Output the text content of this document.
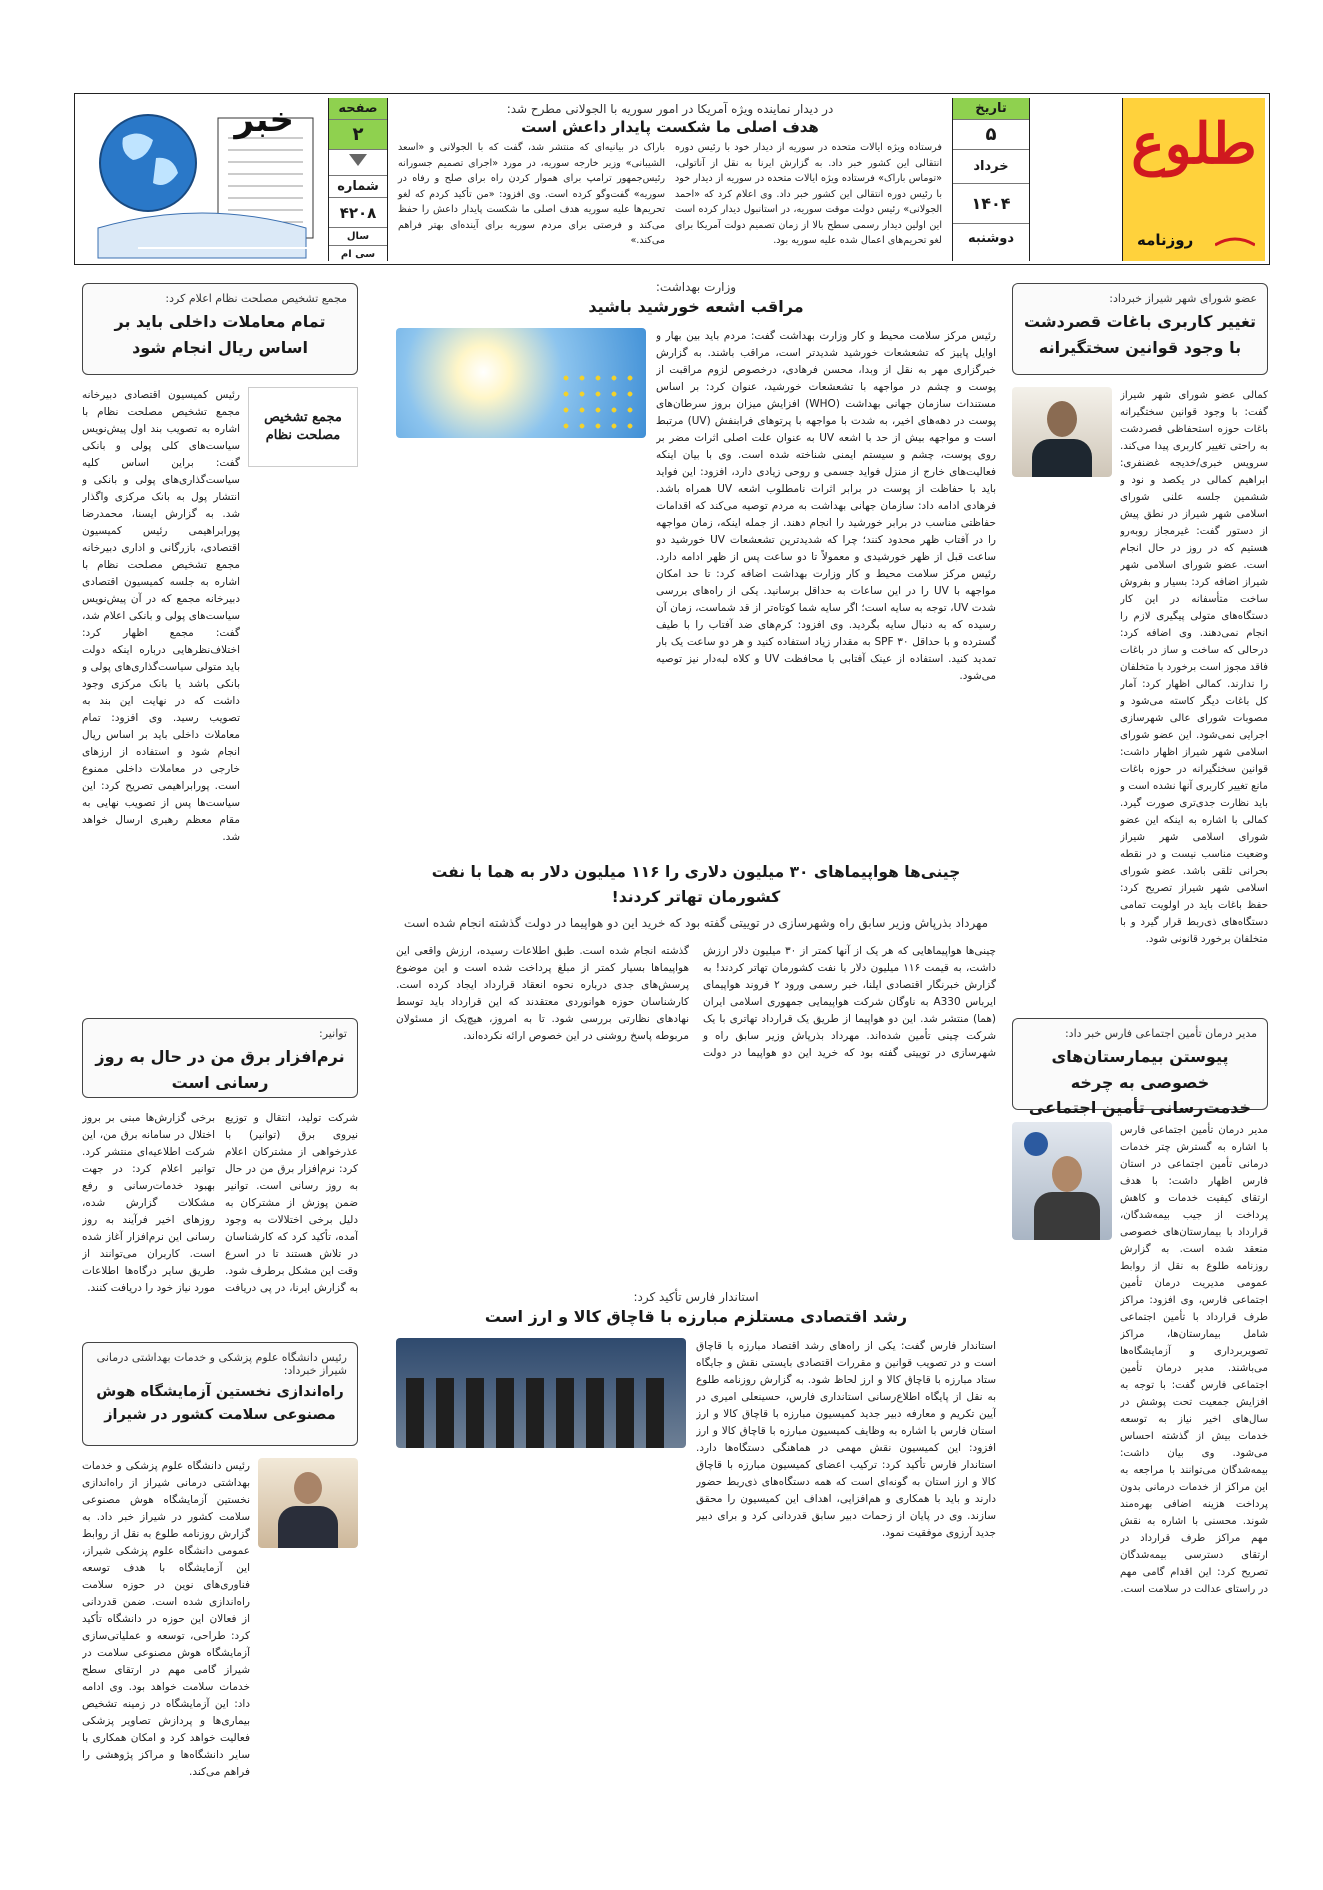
طلوع
روزنامه
تاریخ
۵
خرداد
۱۴۰۴
دوشنبه
در دیدار نماینده ویژه آمریکا در امور سوریه با الجولانی مطرح شد:
هدف اصلی ما شکست پایدار داعش است
فرستاده ویژه ایالات متحده در سوریه از دیدار خود با رئیس دوره انتقالی این کشور خبر داد. به گزارش ایرنا به نقل از آناتولی، «توماس باراک» فرستاده ویژه ایالات متحده در سوریه از دیدار خود با رئیس دوره انتقالی این کشور خبر داد. وی اعلام کرد که «احمد الجولانی» رئیس دولت موقت سوریه، در استانبول دیدار کرده است این اولین دیدار رسمی سطح بالا از زمان تصمیم دولت آمریکا برای لغو تحریم‌های اعمال شده علیه سوریه بود.
باراک در بیانیه‌ای که منتشر شد، گفت که با الجولانی و «اسعد الشیبانی» وزیر خارجه سوریه، در مورد «اجرای تصمیم جسورانه رئیس‌جمهور ترامپ برای هموار کردن راه برای صلح و رفاه در سوریه» گفت‌وگو کرده است. وی افزود: «من تأکید کردم که لغو تحریم‌ها علیه سوریه هدف اصلی ما شکست پایدار داعش را حفظ می‌کند و فرصتی برای مردم سوریه برای آینده‌ای بهتر فراهم می‌کند.»
صفحه
۲
شماره
۴۲۰۸
سال
سی ام
خبر
عضو شورای شهر شیراز خبرداد:
تغییر کاربری باغات قصردشت با وجود قوانین سختگیرانه
کمالی عضو شورای شهر شیراز گفت: با وجود قوانین سختگیرانه باغات حوزه استحفاظی قصردشت به راحتی تغییر کاربری پیدا می‌کند. سرویس خبری/خدیجه غضنفری: ابراهیم کمالی در یکصد و نود و ششمین جلسه علنی شورای اسلامی شهر شیراز در نطق پیش از دستور گفت: غیرمجاز روبه‌رو هستیم که در روز در حال انجام است. عضو شورای اسلامی شهر شیراز اضافه کرد: بسیار و بفروش ساخت متأسفانه در این کار دستگاه‌های متولی پیگیری لازم را انجام نمی‌دهند. وی اضافه کرد: درحالی که ساخت و ساز در باغات فاقد مجوز است برخورد با متخلفان را ندارند. کمالی اظهار کرد: آمار کل باغات دیگر کاسته می‌شود و مصوبات شورای عالی شهرسازی اجرایی نمی‌شود. این عضو شورای اسلامی شهر شیراز اظهار داشت: قوانین سختگیرانه در حوزه باغات مانع تغییر کاربری آنها نشده است و باید نظارت جدی‌تری صورت گیرد. کمالی با اشاره به اینکه این عضو شورای اسلامی شهر شیراز وضعیت مناسب نیست و در نقطه بحرانی تلقی باشد. عضو شورای اسلامی شهر شیراز تصریح کرد: حفظ باغات باید در اولویت تمامی دستگاه‌های ذی‌ربط قرار گیرد و با متخلفان برخورد قانونی شود.
مدیر درمان تأمین اجتماعی فارس خبر داد:
پیوستن بیمارستان‌های خصوصی به چرخه خدمت‌رسانی تأمین اجتماعی
مدیر درمان تأمین اجتماعی فارس با اشاره به گسترش چتر خدمات درمانی تأمین اجتماعی در استان فارس اظهار داشت: با هدف ارتقای کیفیت خدمات و کاهش پرداخت از جیب بیمه‌شدگان، قرارداد با بیمارستان‌های خصوصی منعقد شده است. به گزارش روزنامه طلوع به نقل از روابط عمومی مدیریت درمان تأمین اجتماعی فارس، وی افزود: مراکز طرف قرارداد با تأمین اجتماعی شامل بیمارستان‌ها، مراکز تصویربرداری و آزمایشگاه‌ها می‌باشند. مدیر درمان تأمین اجتماعی فارس گفت: با توجه به افزایش جمعیت تحت پوشش در سال‌های اخیر نیاز به توسعه خدمات بیش از گذشته احساس می‌شود. وی بیان داشت: بیمه‌شدگان می‌توانند با مراجعه به این مراکز از خدمات درمانی بدون پرداخت هزینه اضافی بهره‌مند شوند. محسنی با اشاره به نقش مهم مراکز طرف قرارداد در ارتقای دسترسی بیمه‌شدگان تصریح کرد: این اقدام گامی مهم در راستای عدالت در سلامت است.
وزارت بهداشت:
مراقب اشعه خورشید باشید
رئیس مرکز سلامت محیط و کار وزارت بهداشت گفت: مردم باید بین بهار و اوایل پاییز که تشعشعات خورشید شدیدتر است، مراقب باشند. به گزارش خبرگزاری مهر به نقل از وبدا، محسن فرهادی، درخصوص لزوم مراقبت از پوست و چشم در مواجهه با تشعشعات خورشید، عنوان کرد: بر اساس مستندات سازمان جهانی بهداشت (WHO) افزایش میزان بروز سرطان‌های پوست در دهه‌های اخیر، به شدت با مواجهه با پرتوهای فرابنفش (UV) مرتبط است و مواجهه بیش از حد با اشعه UV به عنوان علت اصلی اثرات مضر بر روی پوست، چشم و سیستم ایمنی شناخته شده است. وی با بیان اینکه فعالیت‌های خارج از منزل فواید جسمی و روحی زیادی دارد، افزود: این فواید باید با حفاظت از پوست در برابر اثرات نامطلوب اشعه UV همراه باشد. فرهادی ادامه داد: سازمان جهانی بهداشت به مردم توصیه می‌کند که اقدامات حفاظتی مناسب در برابر خورشید را انجام دهند. از جمله اینکه، زمان مواجهه را در آفتاب ظهر محدود کنند؛ چرا که شدیدترین تشعشعات UV خورشید دو ساعت قبل از ظهر خورشیدی و معمولاً تا دو ساعت پس از ظهر ادامه دارد. رئیس مرکز سلامت محیط و کار وزارت بهداشت اضافه کرد: تا حد امکان مواجهه با UV را در این ساعات به حداقل برسانید. یکی از راه‌های بررسی شدت UV، توجه به سایه است؛ اگر سایه شما کوتاه‌تر از قد شماست، زمان آن رسیده که به دنبال سایه بگردید. وی افزود: کرم‌های ضد آفتاب را با طیف گسترده و با حداقل SPF ۳۰ به مقدار زیاد استفاده کنید و هر دو ساعت یک بار تمدید کنید. استفاده از عینک آفتابی با محافظت UV و کلاه لبه‌دار نیز توصیه می‌شود.
چینی‌ها هواپیماهای ۳۰ میلیون دلاری را ۱۱۶ میلیون دلار به هما با نفت کشورمان تهاتر کردند!
مهرداد بذرپاش وزیر سابق راه وشهرسازی در توییتی گفته بود که خرید این دو هواپیما در دولت گذشته انجام شده است
چینی‌ها هواپیماهایی که هر یک از آنها کمتر از ۳۰ میلیون دلار ارزش داشت، به قیمت ۱۱۶ میلیون دلار با نفت کشورمان تهاتر کردند! به گزارش خبرنگار اقتصادی ایلنا، خبر رسمی ورود ۲ فروند هواپیمای ایرباس A330 به ناوگان شرکت هواپیمایی جمهوری اسلامی ایران (هما) منتشر شد. این دو هواپیما از طریق یک قرارداد تهاتری با یک شرکت چینی تأمین شده‌اند. مهرداد بذرپاش وزیر سابق راه و شهرسازی در توییتی گفته بود که خرید این دو هواپیما در دولت گذشته انجام شده است. طبق اطلاعات رسیده، ارزش واقعی این هواپیماها بسیار کمتر از مبلغ پرداخت شده است و این موضوع پرسش‌های جدی درباره نحوه انعقاد قرارداد ایجاد کرده است. کارشناسان حوزه هوانوردی معتقدند که این قرارداد باید توسط نهادهای نظارتی بررسی شود. تا به امروز، هیچ‌یک از مسئولان مربوطه پاسخ روشنی در این خصوص ارائه نکرده‌اند.
استاندار فارس تأکید کرد:
رشد اقتصادی مستلزم مبارزه با قاچاق کالا و ارز است
استاندار فارس گفت: یکی از راه‌های رشد اقتصاد مبارزه با قاچاق است و در تصویب قوانین و مقررات اقتصادی بایستی نقش و جایگاه ستاد مبارزه با قاچاق کالا و ارز لحاظ شود. به گزارش روزنامه طلوع به نقل از پایگاه اطلاع‌رسانی استانداری فارس، حسینعلی امیری در آیین تکریم و معارفه دبیر جدید کمیسیون مبارزه با قاچاق کالا و ارز استان فارس با اشاره به وظایف کمیسیون مبارزه با قاچاق کالا و ارز افزود: این کمیسیون نقش مهمی در هماهنگی دستگاه‌ها دارد. استاندار فارس تأکید کرد: ترکیب اعضای کمیسیون مبارزه با قاچاق کالا و ارز استان به گونه‌ای است که همه دستگاه‌های ذی‌ربط حضور دارند و باید با همکاری و هم‌افزایی، اهداف این کمیسیون را محقق سازند. وی در پایان از زحمات دبیر سابق قدردانی کرد و برای دبیر جدید آرزوی موفقیت نمود.
مجمع تشخیص مصلحت نظام اعلام کرد:
تمام معاملات داخلی باید بر اساس ریال انجام شود
مجمع تشخیص مصلحت نظام
رئیس کمیسیون اقتصادی دبیرخانه مجمع تشخیص مصلحت نظام با اشاره به تصویب بند اول پیش‌نویس سیاست‌های کلی پولی و بانکی گفت: براین اساس کلیه سیاست‌گذاری‌های پولی و بانکی و انتشار پول به بانک مرکزی واگذار شد. به گزارش ایسنا، محمدرضا پورابراهیمی رئیس کمیسیون اقتصادی، بازرگانی و اداری دبیرخانه مجمع تشخیص مصلحت نظام با اشاره به جلسه کمیسیون اقتصادی دبیرخانه مجمع که در آن پیش‌نویس سیاست‌های پولی و بانکی اعلام شد، گفت: مجمع اظهار کرد: اختلاف‌نظرهایی درباره اینکه دولت باید متولی سیاست‌گذاری‌های پولی و بانکی باشد یا بانک مرکزی وجود داشت که در نهایت این بند به تصویب رسید. وی افزود: تمام معاملات داخلی باید بر اساس ریال انجام شود و استفاده از ارزهای خارجی در معاملات داخلی ممنوع است. پورابراهیمی تصریح کرد: این سیاست‌ها پس از تصویب نهایی به مقام معظم رهبری ارسال خواهد شد.
توانیر:
نرم‌افزار برق من در حال به روز رسانی است
شرکت تولید، انتقال و توزیع نیروی برق (توانیر) با عذرخواهی از مشترکان اعلام کرد: نرم‌افزار برق من در حال به روز رسانی است. توانیر ضمن پوزش از مشترکان به دلیل برخی اختلالات به وجود آمده، تأکید کرد که کارشناسان در تلاش هستند تا در اسرع وقت این مشکل برطرف شود. به گزارش ایرنا، در پی دریافت برخی گزارش‌ها مبنی بر بروز اختلال در سامانه برق من، این شرکت اطلاعیه‌ای منتشر کرد. توانیر اعلام کرد: در جهت بهبود خدمات‌رسانی و رفع مشکلات گزارش شده، روزهای اخیر فرآیند به روز رسانی این نرم‌افزار آغاز شده است. کاربران می‌توانند از طریق سایر درگاه‌ها اطلاعات مورد نیاز خود را دریافت کنند.
رئیس دانشگاه علوم پزشکی و خدمات بهداشتی درمانی شیراز خبرداد:
راه‌اندازی نخستین آزمایشگاه هوش مصنوعی سلامت کشور در شیراز
رئیس دانشگاه علوم پزشکی و خدمات بهداشتی درمانی شیراز از راه‌اندازی نخستین آزمایشگاه هوش مصنوعی سلامت کشور در شیراز خبر داد. به گزارش روزنامه طلوع به نقل از روابط عمومی دانشگاه علوم پزشکی شیراز، این آزمایشگاه با هدف توسعه فناوری‌های نوین در حوزه سلامت راه‌اندازی شده است. ضمن قدردانی از فعالان این حوزه در دانشگاه تأکید کرد: طراحی، توسعه و عملیاتی‌سازی آزمایشگاه هوش مصنوعی سلامت در شیراز گامی مهم در ارتقای سطح خدمات سلامت خواهد بود. وی ادامه داد: این آزمایشگاه در زمینه تشخیص بیماری‌ها و پردازش تصاویر پزشکی فعالیت خواهد کرد و امکان همکاری با سایر دانشگاه‌ها و مراکز پژوهشی را فراهم می‌کند.
